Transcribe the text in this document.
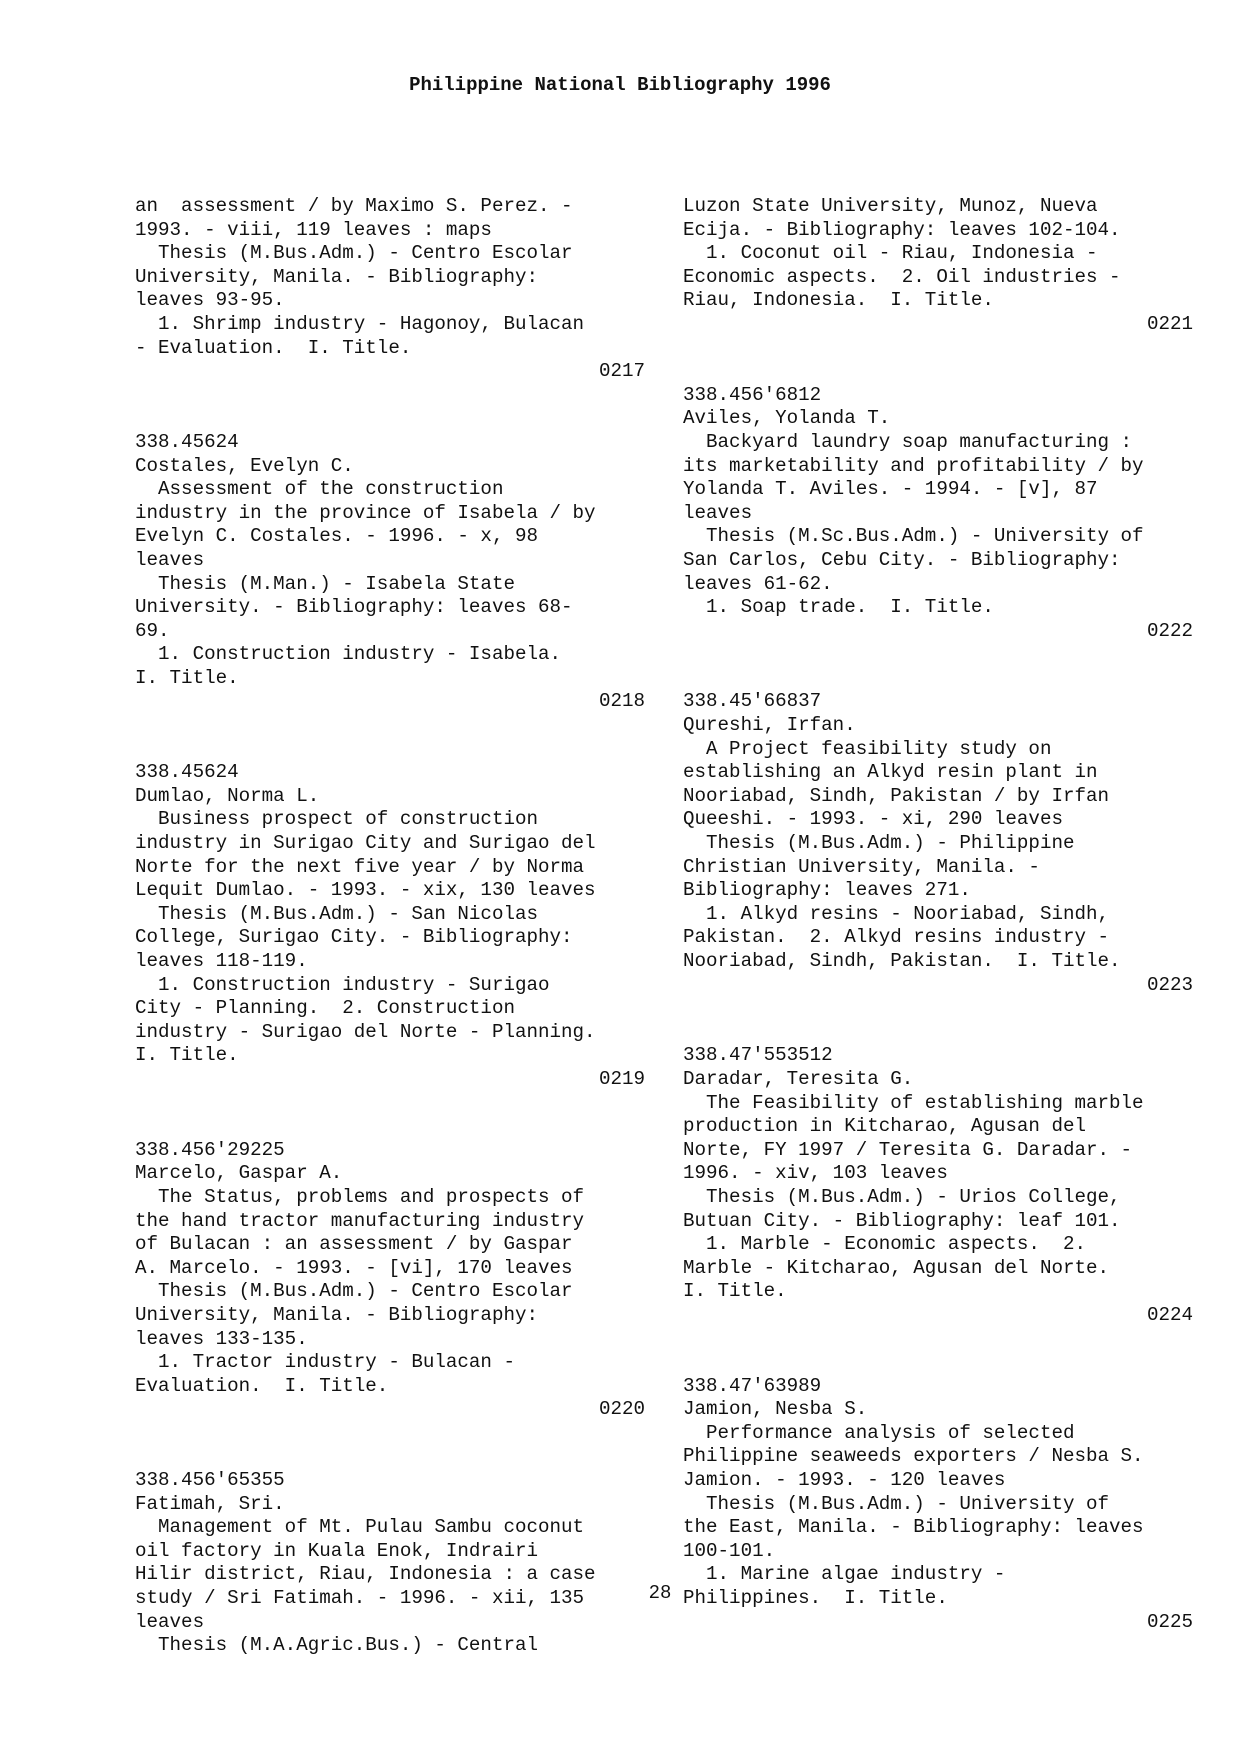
Philippine National Bibliography 1996
an  assessment / by Maximo S. Perez. -
1993. - viii, 119 leaves : maps
Thesis (M.Bus.Adm.) - Centro Escolar
University, Manila. - Bibliography:
leaves 93-95.
1. Shrimp industry - Hagonoy, Bulacan
- Evaluation.  I. Title.
0217
338.45624
Costales, Evelyn C.
Assessment of the construction
industry in the province of Isabela / by
Evelyn C. Costales. - 1996. - x, 98
leaves
Thesis (M.Man.) - Isabela State
University. - Bibliography: leaves 68-
69.
1. Construction industry - Isabela.
I. Title.
0218
338.45624
Dumlao, Norma L.
Business prospect of construction
industry in Surigao City and Surigao del
Norte for the next five year / by Norma
Lequit Dumlao. - 1993. - xix, 130 leaves
Thesis (M.Bus.Adm.) - San Nicolas
College, Surigao City. - Bibliography:
leaves 118-119.
1. Construction industry - Surigao
City - Planning.  2. Construction
industry - Surigao del Norte - Planning.
I. Title.
0219
338.456'29225
Marcelo, Gaspar A.
The Status, problems and prospects of
the hand tractor manufacturing industry
of Bulacan : an assessment / by Gaspar
A. Marcelo. - 1993. - [vi], 170 leaves
Thesis (M.Bus.Adm.) - Centro Escolar
University, Manila. - Bibliography:
leaves 133-135.
1. Tractor industry - Bulacan -
Evaluation.  I. Title.
0220
338.456'65355
Fatimah, Sri.
Management of Mt. Pulau Sambu coconut
oil factory in Kuala Enok, Indrairi
Hilir district, Riau, Indonesia : a case
study / Sri Fatimah. - 1996. - xii, 135
leaves
Thesis (M.A.Agric.Bus.) - Central
Luzon State University, Munoz, Nueva
Ecija. - Bibliography: leaves 102-104.
1. Coconut oil - Riau, Indonesia -
Economic aspects.  2. Oil industries -
Riau, Indonesia.  I. Title.
0221
338.456'6812
Aviles, Yolanda T.
Backyard laundry soap manufacturing :
its marketability and profitability / by
Yolanda T. Aviles. - 1994. - [v], 87
leaves
Thesis (M.Sc.Bus.Adm.) - University of
San Carlos, Cebu City. - Bibliography:
leaves 61-62.
1. Soap trade.  I. Title.
0222
338.45'66837
Qureshi, Irfan.
A Project feasibility study on
establishing an Alkyd resin plant in
Nooriabad, Sindh, Pakistan / by Irfan
Queeshi. - 1993. - xi, 290 leaves
Thesis (M.Bus.Adm.) - Philippine
Christian University, Manila. -
Bibliography: leaves 271.
1. Alkyd resins - Nooriabad, Sindh,
Pakistan.  2. Alkyd resins industry -
Nooriabad, Sindh, Pakistan.  I. Title.
0223
338.47'553512
Daradar, Teresita G.
The Feasibility of establishing marble
production in Kitcharao, Agusan del
Norte, FY 1997 / Teresita G. Daradar. -
1996. - xiv, 103 leaves
Thesis (M.Bus.Adm.) - Urios College,
Butuan City. - Bibliography: leaf 101.
1. Marble - Economic aspects.  2.
Marble - Kitcharao, Agusan del Norte.
I. Title.
0224
338.47'63989
Jamion, Nesba S.
Performance analysis of selected
Philippine seaweeds exporters / Nesba S.
Jamion. - 1993. - 120 leaves
Thesis (M.Bus.Adm.) - University of
the East, Manila. - Bibliography: leaves
100-101.
1. Marine algae industry -
Philippines.  I. Title.
0225
28
